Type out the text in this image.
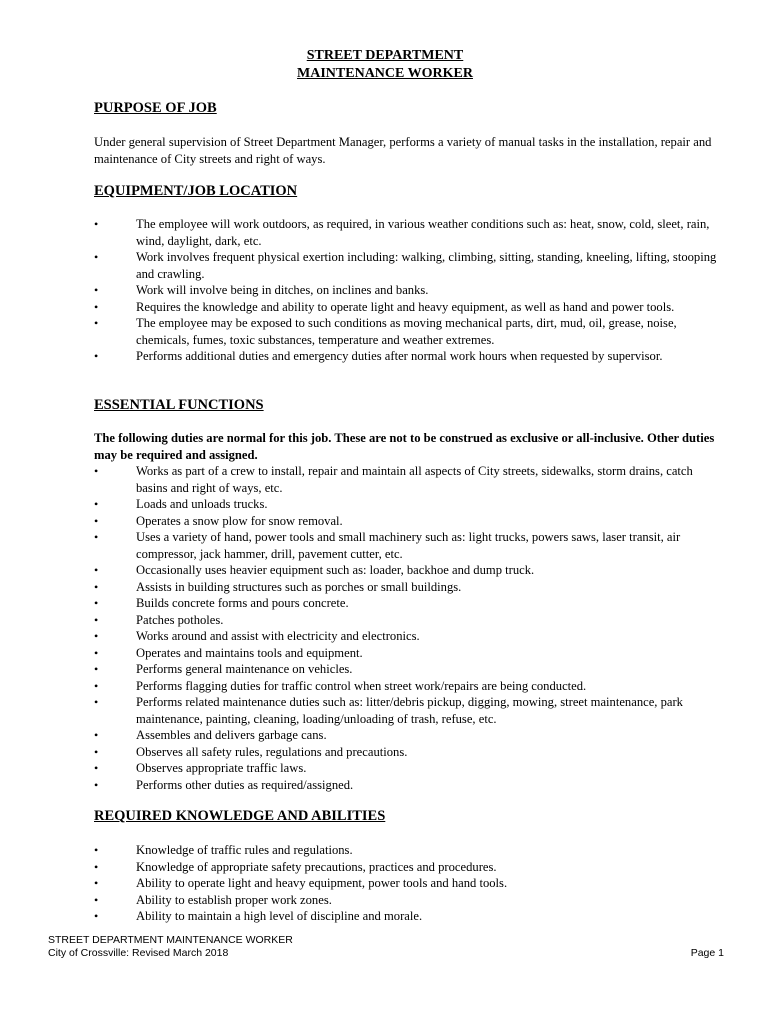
STREET DEPARTMENT
MAINTENANCE WORKER
PURPOSE OF JOB
Under general supervision of Street Department Manager, performs a variety of manual tasks in the installation, repair and maintenance of City streets and right of ways.
EQUIPMENT/JOB LOCATION
•	The employee will work outdoors, as required, in various weather conditions such as: heat, snow, cold, sleet, rain, wind, daylight, dark, etc.
•	Work involves frequent physical exertion including: walking, climbing, sitting, standing, kneeling, lifting, stooping and crawling.
•	Work will involve being in ditches, on inclines and banks.
•	Requires the knowledge and ability to operate light and heavy equipment, as well as hand and power tools.
•	The employee may be exposed to such conditions as moving mechanical parts, dirt, mud, oil, grease, noise, chemicals, fumes, toxic substances, temperature and weather extremes.
•	Performs additional duties and emergency duties after normal work hours when requested by supervisor.
ESSENTIAL FUNCTIONS
The following duties are normal for this job. These are not to be construed as exclusive or all-inclusive. Other duties may be required and assigned.
•	Works as part of a crew to install, repair and maintain all aspects of City streets, sidewalks, storm drains, catch basins and right of ways, etc.
•	Loads and unloads trucks.
•	Operates a snow plow for snow removal.
•	Uses a variety of hand, power tools and small machinery such as: light trucks, powers saws, laser transit, air compressor, jack hammer, drill, pavement cutter, etc.
•	Occasionally uses heavier equipment such as: loader, backhoe and dump truck.
•	Assists in building structures such as porches or small buildings.
•	Builds concrete forms and pours concrete.
•	Patches potholes.
•	Works around and assist with electricity and electronics.
•	Operates and maintains tools and equipment.
•	Performs general maintenance on vehicles.
•	Performs flagging duties for traffic control when street work/repairs are being conducted.
•	Performs related maintenance duties such as: litter/debris pickup, digging, mowing, street maintenance, park maintenance, painting, cleaning, loading/unloading of trash, refuse, etc.
•	Assembles and delivers garbage cans.
•	Observes all safety rules, regulations and precautions.
•	Observes appropriate traffic laws.
•	Performs other duties as required/assigned.
REQUIRED KNOWLEDGE AND ABILITIES
•	Knowledge of traffic rules and regulations.
•	Knowledge of appropriate safety precautions, practices and procedures.
•	Ability to operate light and heavy equipment, power tools and hand tools.
•	Ability to establish proper work zones.
•	Ability to maintain a high level of discipline and morale.
STREET DEPARTMENT MAINTENANCE WORKER
City of Crossville: Revised March 2018	Page 1
